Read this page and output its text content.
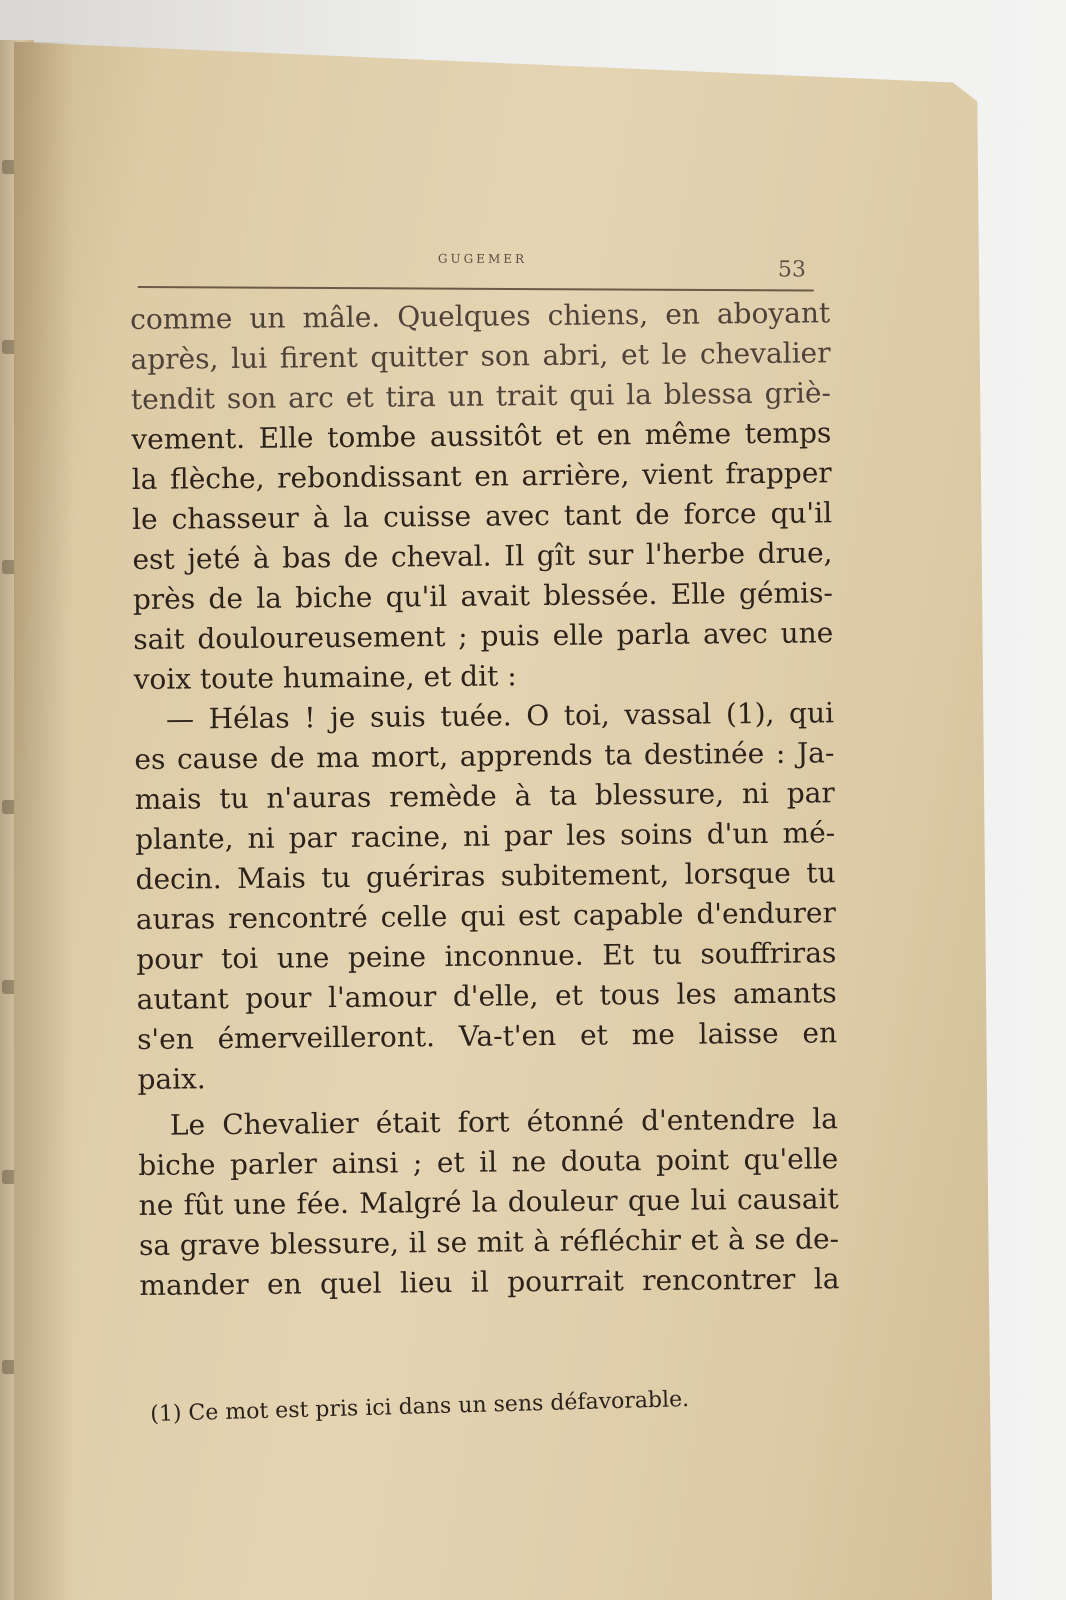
GUGEMER	53
comme un mâle. Quelques chiens, en aboyant
après, lui firent quitter son abri, et le chevalier
tendit son arc et tira un trait qui la blessa griè-
vement. Elle tombe aussitôt et en même temps
la flèche, rebondissant en arrière, vient frapper
le chasseur à la cuisse avec tant de force qu'il
est jeté à bas de cheval. Il gît sur l'herbe drue,
près de la biche qu'il avait blessée. Elle gémis-
sait douloureusement ; puis elle parla avec une
voix toute humaine, et dit :
— Hélas ! je suis tuée. O toi, vassal (1), qui
es cause de ma mort, apprends ta destinée : Ja-
mais tu n'auras remède à ta blessure, ni par
plante, ni par racine, ni par les soins d'un mé-
decin. Mais tu guériras subitement, lorsque tu
auras rencontré celle qui est capable d'endurer
pour toi une peine inconnue. Et tu souffriras
autant pour l'amour d'elle, et tous les amants
s'en émerveilleront. Va-t'en et me laisse en
paix.
Le Chevalier était fort étonné d'entendre la
biche parler ainsi ; et il ne douta point qu'elle
ne fût une fée. Malgré la douleur que lui causait
sa grave blessure, il se mit à réfléchir et à se de-
mander en quel lieu il pourrait rencontrer la
(1) Ce mot est pris ici dans un sens défavorable.
